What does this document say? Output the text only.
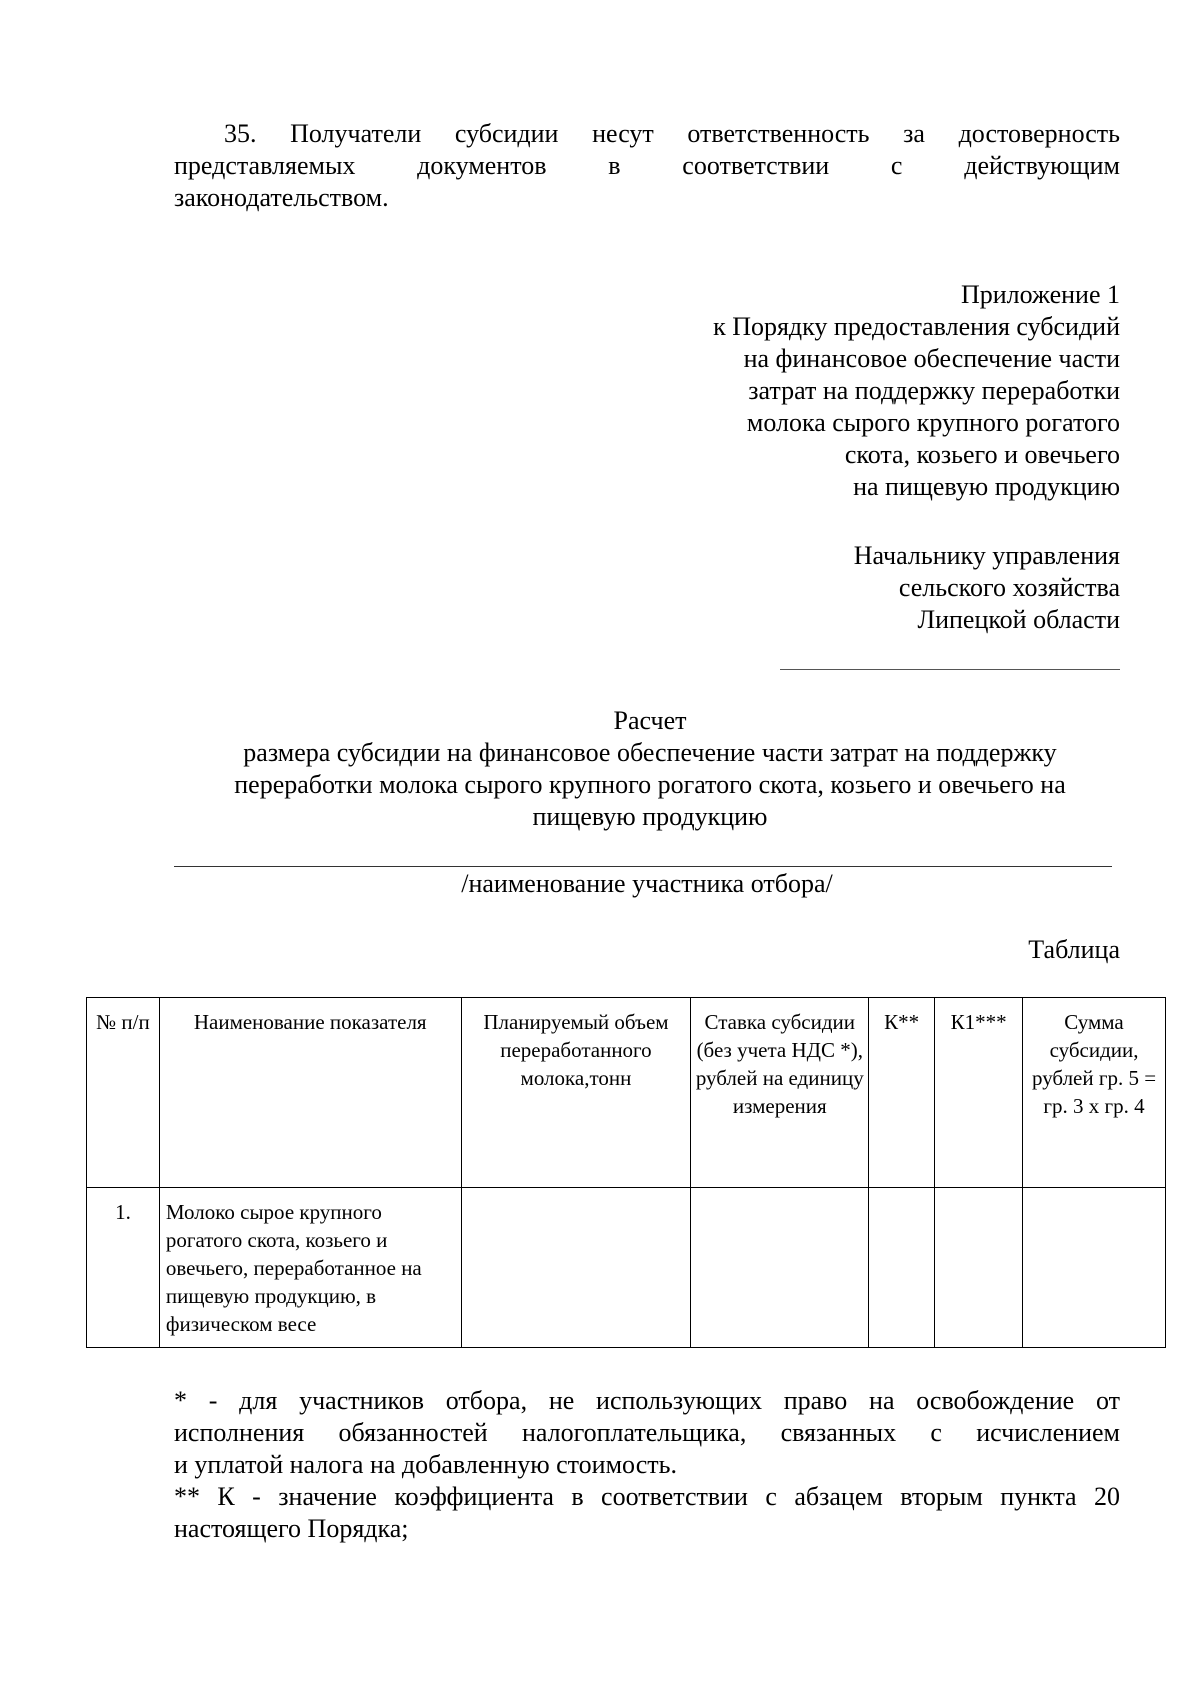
35. Получатели субсидии несут ответственность за достоверность
представляемых документов в соответствии с действующим
законодательством.
Приложение 1
к Порядку предоставления субсидий
на финансовое обеспечение части
затрат на поддержку переработки
молока сырого крупного рогатого
скота, козьего и овечьего
на пищевую продукцию
Начальнику управления
сельского хозяйства
Липецкой области
Расчет
размера субсидии на финансовое обеспечение части затрат на поддержку
переработки молока сырого крупного рогатого скота, козьего и овечьего на
пищевую продукцию
/наименование участника отбора/
Таблица
№ п/п	Наименование показателя	Планируемый объем переработанного молока,тонн	Ставка субсидии (без учета НДС *), рублей на единицу измерения	К**	К1***	Сумма субсидии, рублей гр. 5 = гр. 3 х гр. 4
1.	Молоко сырое крупного рогатого скота, козьего и овечьего, переработанное на пищевую продукцию, в физическом весе					
* - для участников отбора, не использующих право на освобождение от
исполнения обязанностей налогоплательщика, связанных с исчислением
и уплатой налога на добавленную стоимость.
** К - значение коэффициента в соответствии с абзацем вторым пункта 20
настоящего Порядка;
